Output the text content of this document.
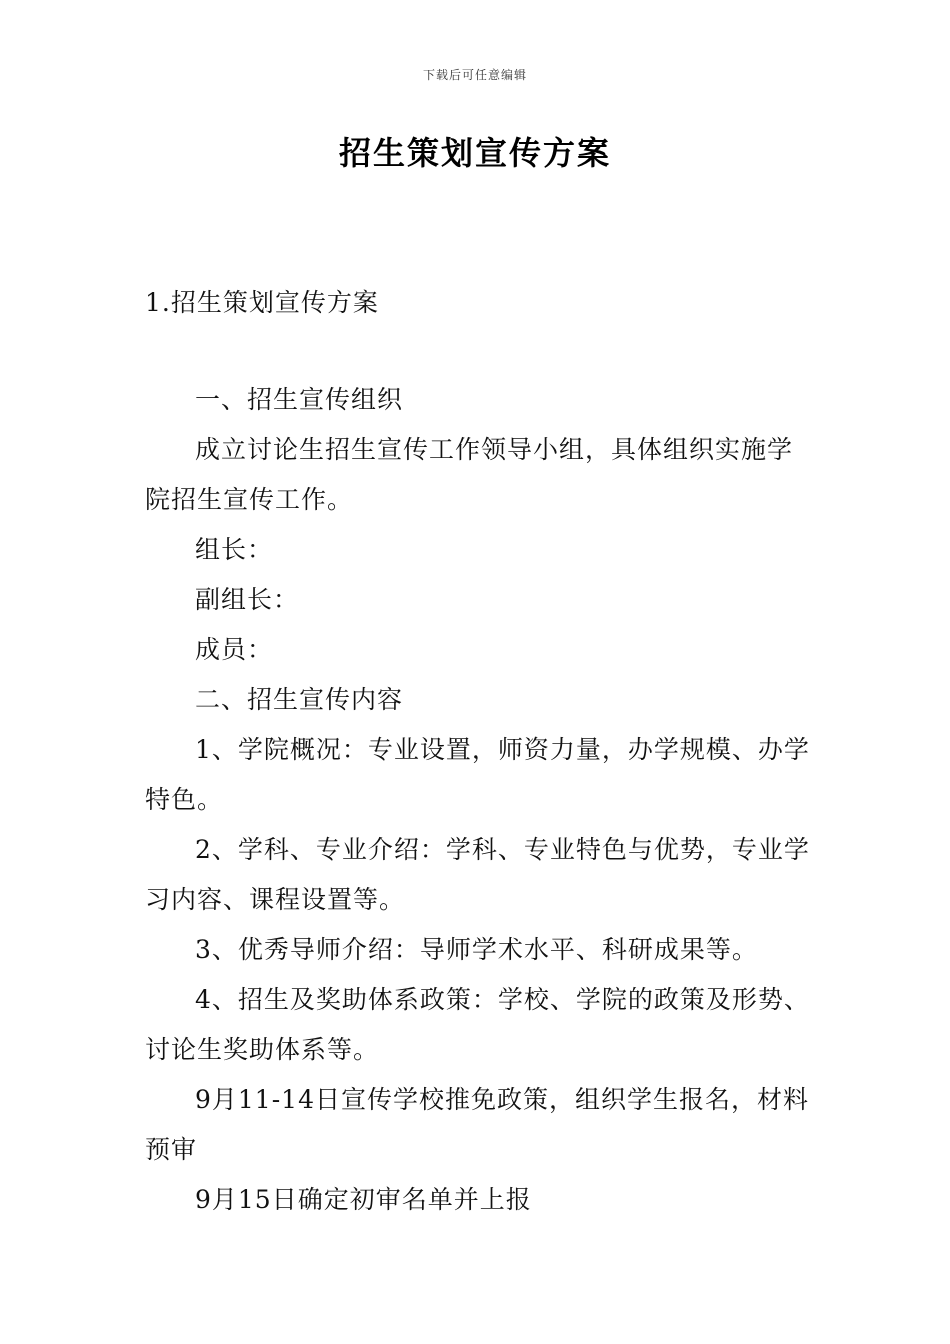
下载后可任意编辑
招生策划宣传方案
1.招生策划宣传方案

一、招生宣传组织

成立讨论生招生宣传工作领导小组，具体组织实施学院招生宣传工作。

组长：

副组长：

成员：

二、招生宣传内容

1、学院概况：专业设置，师资力量，办学规模、办学特色。

2、学科、专业介绍：学科、专业特色与优势，专业学习内容、课程设置等。

3、优秀导师介绍：导师学术水平、科研成果等。

4、招生及奖助体系政策：学校、学院的政策及形势、讨论生奖助体系等。

9月11-14日宣传学校推免政策，组织学生报名，材料预审

9月15日确定初审名单并上报
